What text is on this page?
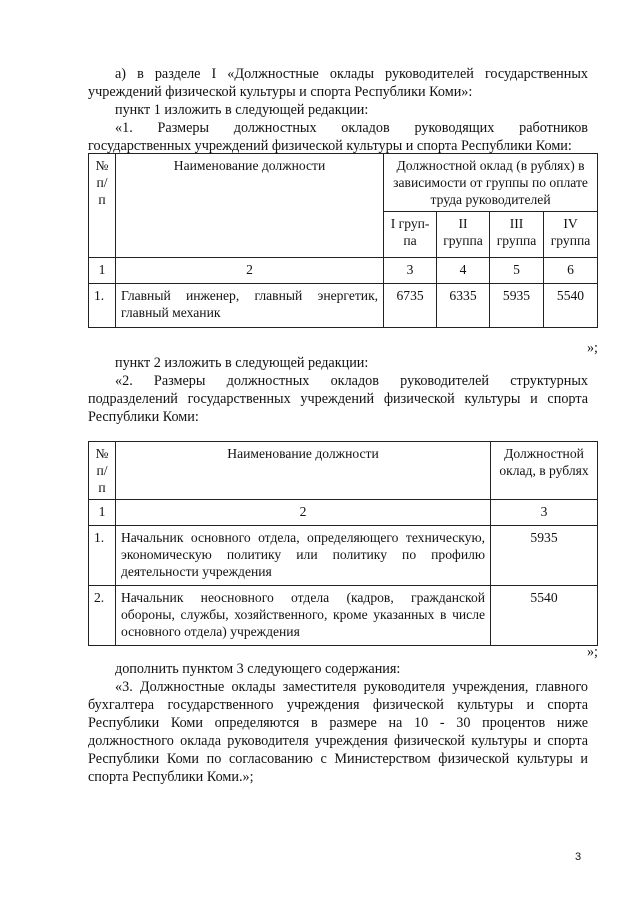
а) в разделе I «Должностные оклады руководителей государственных учреждений физической культуры и спорта Республики Коми»:

пункт 1 изложить в следующей редакции:

«1. Размеры должностных окладов руководящих работников государственных учреждений физической культуры и спорта Республики Коми:

№ п/п	Наименование должности	Должностной оклад (в рублях) в зависимости от группы по оплате труда руководителей			
		I груп-па	II группа	III группа	IV группа
1	2	3	4	5	6
1.	Главный инженер, главный энергетик, главный механик	6735	6335	5935	5540
»;

пункт 2 изложить в следующей редакции:

«2. Размеры должностных окладов руководителей структурных подразделений государственных учреждений физической культуры и спорта Республики Коми:

№ п/п	Наименование должности	Должностной оклад, в рублях
1	2	3
1.	Начальник основного отдела, определяющего техническую, экономическую политику или политику по профилю деятельности учреждения	5935
2.	Начальник неосновного отдела (кадров, гражданской обороны, службы, хозяйственного, кроме указанных в числе основного отдела) учреждения	5540
»;

дополнить пунктом 3 следующего содержания:

«3. Должностные оклады заместителя руководителя учреждения, главного бухгалтера государственного учреждения физической культуры и спорта Республики Коми определяются в размере на 10 - 30 процентов ниже должностного оклада руководителя учреждения физической культуры и спорта Республики Коми по согласованию с Министерством физической культуры и спорта Республики Коми.»;

3
